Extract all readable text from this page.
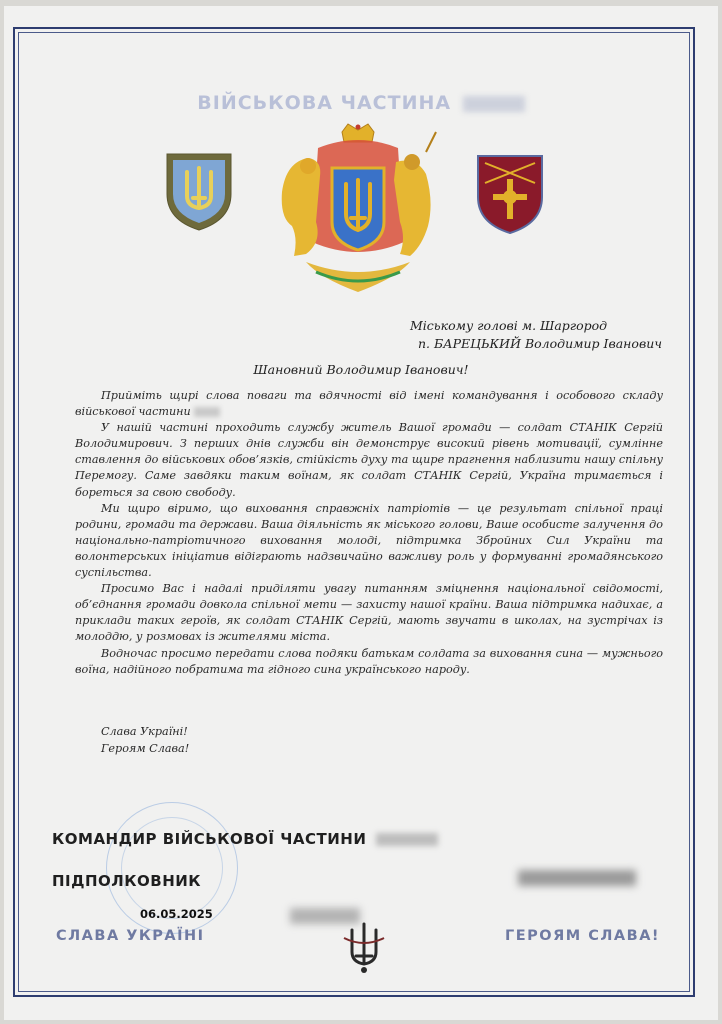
ВІЙСЬКОВА ЧАСТИНА
Міському голові м. Шаргород
п. БАРЕЦЬКИЙ Володимир Іванович
Шановний Володимир Іванович!

Прийміть щирі слова поваги та вдячності від імені командування і особового складу військової частини

У нашій частині проходить службу житель Вашої громади — солдат СТАНІК Сергій Володимирович. З перших днів служби він демонструє високий рівень мотивації, сумлінне ставлення до військових обов’язків, стійкість духу та щире прагнення наблизити нашу спільну Перемогу. Саме завдяки таким воїнам, як солдат СТАНІК Сергій, Україна тримається і бореться за свою свободу.

Ми щиро віримо, що виховання справжніх патріотів — це результат спільної праці родини, громади та держави. Ваша діяльність як міського голови, Ваше особисте залучення до національно-патріотичного виховання молоді, підтримка Збройних Сил України та волонтерських ініціатив відіграють надзвичайно важливу роль у формуванні громадянського суспільства.

Просимо Вас і надалі приділяти увагу питанням зміцнення національної свідомості, об’єднання громади довкола спільної мети — захисту нашої країни. Ваша підтримка надихає, а приклади таких героїв, як солдат СТАНІК Сергій, мають звучати в школах, на зустрічах із молоддю, у розмовах із жителями міста.

Водночас просимо передати слова подяки батькам солдата за виховання сина — мужнього воїна, надійного побратима та гідного сина українського народу.

Слава Україні!
Героям Слава!
КОМАНДИР ВІЙСЬКОВОЇ ЧАСТИНИ
ПІДПОЛКОВНИК
06.05.2025
СЛАВА УКРАЇНІ	ГЕРОЯМ СЛАВА!
